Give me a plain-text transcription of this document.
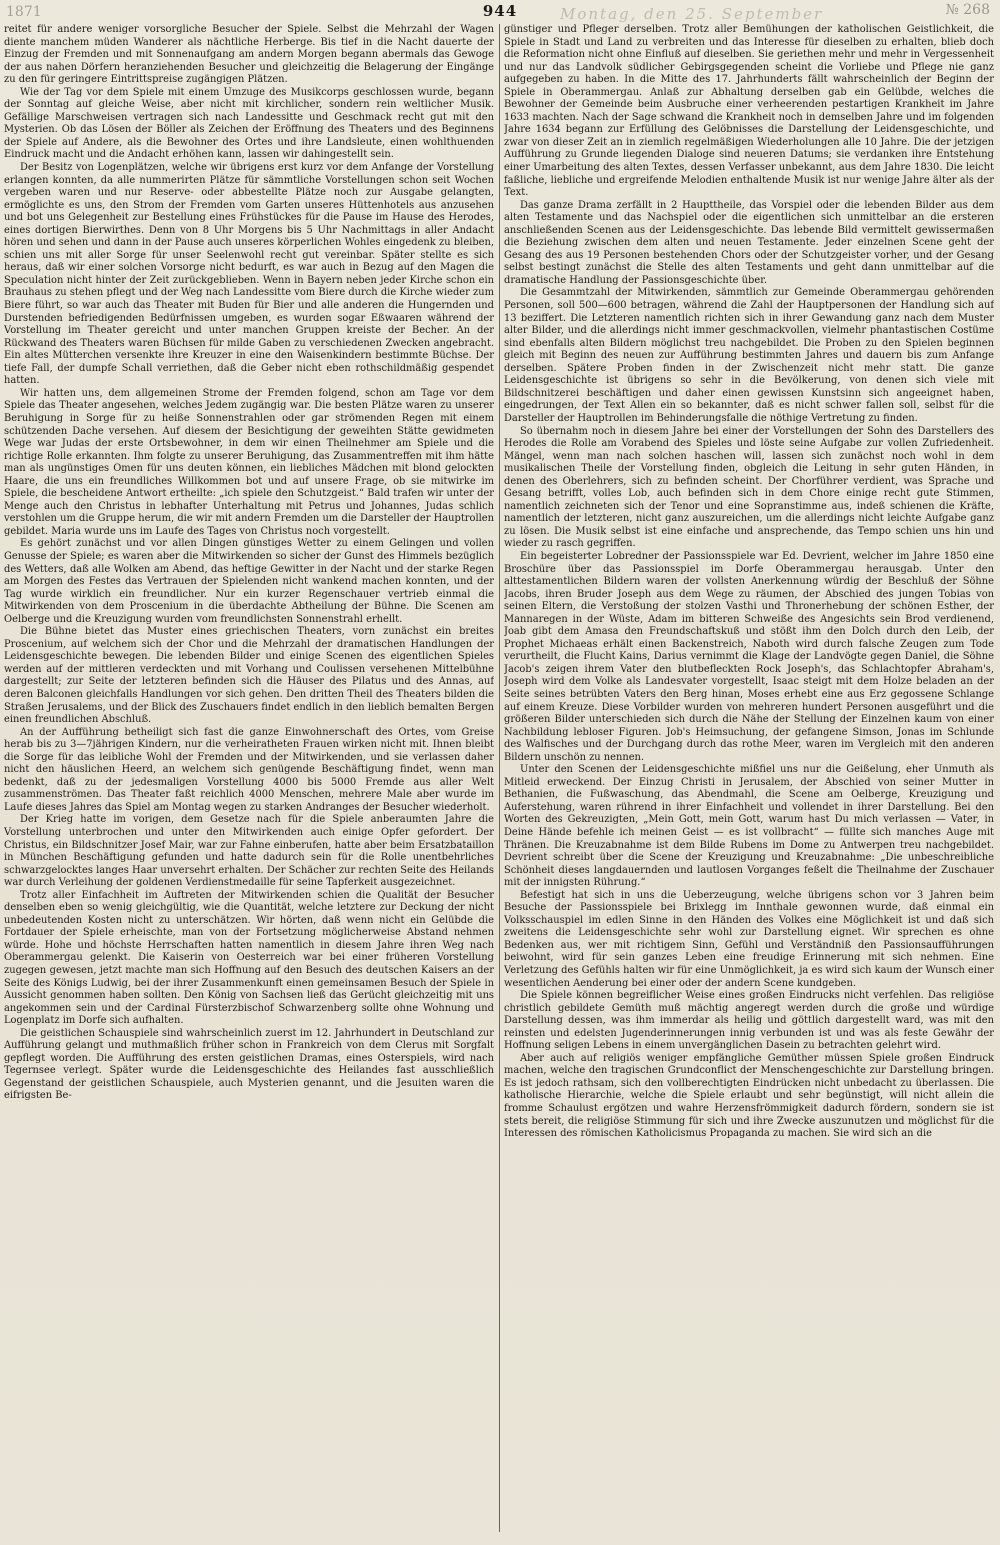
1871	Montag, den 25. September
944	№ 268

reitet für andere weniger vorsorgliche Besucher der Spiele. Selbst die Mehrzahl der Wagen diente manchem müden Wanderer als nächtliche Herberge. Bis tief in die Nacht dauerte der Einzug der Fremden und mit Sonnenaufgang am andern Morgen begann abermals das Gewoge der aus nahen Dörfern heranziehenden Besucher und gleichzeitig die Belagerung der Eingänge zu den für geringere Eintrittspreise zugängigen Plätzen.

Wie der Tag vor dem Spiele mit einem Umzuge des Musikcorps geschlossen wurde, begann der Sonntag auf gleiche Weise, aber nicht mit kirchlicher, sondern rein weltlicher Musik. Gefällige Marschweisen vertragen sich nach Landessitte und Geschmack recht gut mit den Mysterien. Ob das Lösen der Böller als Zeichen der Eröffnung des Theaters und des Beginnens der Spiele auf Andere, als die Bewohner des Ortes und ihre Landsleute, einen wohlthuenden Eindruck macht und die Andacht erhöhen kann, lassen wir dahingestellt sein.

Der Besitz von Logenplätzen, welche wir übrigens erst kurz vor dem Anfange der Vorstellung erlangen konnten, da alle nummerirten Plätze für sämmtliche Vorstellungen schon seit Wochen vergeben waren und nur Reserve- oder abbestellte Plätze noch zur Ausgabe gelangten, ermöglichte es uns, den Strom der Fremden vom Garten unseres Hüttenhotels aus anzusehen und bot uns Gelegenheit zur Bestellung eines Frühstückes für die Pause im Hause des Herodes, eines dortigen Bierwirthes. Denn von 8 Uhr Morgens bis 5 Uhr Nachmittags in aller Andacht hören und sehen und dann in der Pause auch unseres körperlichen Wohles eingedenk zu bleiben, schien uns mit aller Sorge für unser Seelenwohl recht gut vereinbar. Später stellte es sich heraus, daß wir einer solchen Vorsorge nicht bedurft, es war auch in Bezug auf den Magen die Speculation nicht hinter der Zeit zurückgeblieben. Wenn in Bayern neben jeder Kirche schon ein Brauhaus zu stehen pflegt und der Weg nach Landessitte vom Biere durch die Kirche wieder zum Biere führt, so war auch das Theater mit Buden für Bier und alle anderen die Hungernden und Durstenden befriedigenden Bedürfnissen umgeben, es wurden sogar Eßwaaren während der Vorstellung im Theater gereicht und unter manchen Gruppen kreiste der Becher. An der Rückwand des Theaters waren Büchsen für milde Gaben zu verschiedenen Zwecken angebracht. Ein altes Mütterchen versenkte ihre Kreuzer in eine den Waisenkindern bestimmte Büchse. Der tiefe Fall, der dumpfe Schall verriethen, daß die Geber nicht eben rothschildmäßig gespendet hatten.

Wir hatten uns, dem allgemeinen Strome der Fremden folgend, schon am Tage vor dem Spiele das Theater angesehen, welches Jedem zugängig war. Die besten Plätze waren zu unserer Beruhigung in Sorge für zu heiße Sonnenstrahlen oder gar strömenden Regen mit einem schützenden Dache versehen. Auf diesem der Besichtigung der geweihten Stätte gewidmeten Wege war Judas der erste Ortsbewohner, in dem wir einen Theilnehmer am Spiele und die richtige Rolle erkannten. Ihm folgte zu unserer Beruhigung, das Zusammentreffen mit ihm hätte man als ungünstiges Omen für uns deuten können, ein liebliches Mädchen mit blond gelockten Haare, die uns ein freundliches Willkommen bot und auf unsere Frage, ob sie mitwirke im Spiele, die bescheidene Antwort ertheilte: „ich spiele den Schutzgeist.“ Bald trafen wir unter der Menge auch den Christus in lebhafter Unterhaltung mit Petrus und Johannes, Judas schlich verstohlen um die Gruppe herum, die wir mit andern Fremden um die Darsteller der Hauptrollen gebildet. Maria wurde uns im Laufe des Tages von Christus noch vorgestellt.

Es gehört zunächst und vor allen Dingen günstiges Wetter zu einem Gelingen und vollen Genusse der Spiele; es waren aber die Mitwirkenden so sicher der Gunst des Himmels bezüglich des Wetters, daß alle Wolken am Abend, das heftige Gewitter in der Nacht und der starke Regen am Morgen des Festes das Vertrauen der Spielenden nicht wankend machen konnten, und der Tag wurde wirklich ein freundlicher. Nur ein kurzer Regenschauer vertrieb einmal die Mitwirkenden von dem Proscenium in die überdachte Abtheilung der Bühne. Die Scenen am Oelberge und die Kreuzigung wurden vom freundlichsten Sonnenstrahl erhellt.

Die Bühne bietet das Muster eines griechischen Theaters, vorn zunächst ein breites Proscenium, auf welchem sich der Chor und die Mehrzahl der dramatischen Handlungen der Leidensgeschichte bewegen. Die lebenden Bilder und einige Scenen des eigentlichen Spieles werden auf der mittleren verdeckten und mit Vorhang und Coulissen versehenen Mittelbühne dargestellt; zur Seite der letzteren befinden sich die Häuser des Pilatus und des Annas, auf deren Balconen gleichfalls Handlungen vor sich gehen. Den dritten Theil des Theaters bilden die Straßen Jerusalems, und der Blick des Zuschauers findet endlich in den lieblich bemalten Bergen einen freundlichen Abschluß.

An der Aufführung betheiligt sich fast die ganze Einwohnerschaft des Ortes, vom Greise herab bis zu 3—7jährigen Kindern, nur die verheiratheten Frauen wirken nicht mit. Ihnen bleibt die Sorge für das leibliche Wohl der Fremden und der Mitwirkenden, und sie verlassen daher nicht den häuslichen Heerd, an welchem sich genügende Beschäftigung findet, wenn man bedenkt, daß zu der jedesmaligen Vorstellung 4000 bis 5000 Fremde aus aller Welt zusammenströmen. Das Theater faßt reichlich 4000 Menschen, mehrere Male aber wurde im Laufe dieses Jahres das Spiel am Montag wegen zu starken Andranges der Besucher wiederholt.

Der Krieg hatte im vorigen, dem Gesetze nach für die Spiele anberaumten Jahre die Vorstellung unterbrochen und unter den Mitwirkenden auch einige Opfer gefordert. Der Christus, ein Bildschnitzer Josef Mair, war zur Fahne einberufen, hatte aber beim Ersatzbataillon in München Beschäftigung gefunden und hatte dadurch sein für die Rolle unentbehrliches schwarzgelocktes langes Haar unversehrt erhalten. Der Schächer zur rechten Seite des Heilands war durch Verleihung der goldenen Verdienstmedaille für seine Tapferkeit ausgezeichnet.

Trotz aller Einfachheit im Auftreten der Mitwirkenden schien die Qualität der Besucher denselben eben so wenig gleichgültig, wie die Quantität, welche letztere zur Deckung der nicht unbedeutenden Kosten nicht zu unterschätzen. Wir hörten, daß wenn nicht ein Gelübde die Fortdauer der Spiele erheischte, man von der Fortsetzung möglicherweise Abstand nehmen würde. Hohe und höchste Herrschaften hatten namentlich in diesem Jahre ihren Weg nach Oberammergau gelenkt. Die Kaiserin von Oesterreich war bei einer früheren Vorstellung zugegen gewesen, jetzt machte man sich Hoffnung auf den Besuch des deutschen Kaisers an der Seite des Königs Ludwig, bei der ihrer Zusammenkunft einen gemeinsamen Besuch der Spiele in Aussicht genommen haben sollten. Den König von Sachsen ließ das Gerücht gleichzeitig mit uns angekommen sein und der Cardinal Fürsterzbischof Schwarzenberg sollte ohne Wohnung und Logenplatz im Dorfe sich aufhalten.

Die geistlichen Schauspiele sind wahrscheinlich zuerst im 12. Jahrhundert in Deutschland zur Aufführung gelangt und muthmaßlich früher schon in Frankreich von dem Clerus mit Sorgfalt gepflegt worden. Die Aufführung des ersten geistlichen Dramas, eines Osterspiels, wird nach Tegernsee verlegt. Später wurde die Leidensgeschichte des Heilandes fast ausschließlich Gegenstand der geistlichen Schauspiele, auch Mysterien genannt, und die Jesuiten waren die eifrigsten Be-

günstiger und Pfleger derselben. Trotz aller Bemühungen der katholischen Geistlichkeit, die Spiele in Stadt und Land zu verbreiten und das Interesse für dieselben zu erhalten, blieb doch die Reformation nicht ohne Einfluß auf dieselben. Sie geriethen mehr und mehr in Vergessenheit und nur das Landvolk südlicher Gebirgsgegenden scheint die Vorliebe und Pflege nie ganz aufgegeben zu haben. In die Mitte des 17. Jahrhunderts fällt wahrscheinlich der Beginn der Spiele in Oberammergau. Anlaß zur Abhaltung derselben gab ein Gelübde, welches die Bewohner der Gemeinde beim Ausbruche einer verheerenden pestartigen Krankheit im Jahre 1633 machten. Nach der Sage schwand die Krankheit noch in demselben Jahre und im folgenden Jahre 1634 begann zur Erfüllung des Gelöbnisses die Darstellung der Leidensgeschichte, und zwar von dieser Zeit an in ziemlich regelmäßigen Wiederholungen alle 10 Jahre. Die der jetzigen Aufführung zu Grunde liegenden Dialoge sind neueren Datums; sie verdanken ihre Entstehung einer Umarbeitung des alten Textes, dessen Verfasser unbekannt, aus dem Jahre 1830. Die leicht faßliche, liebliche und ergreifende Melodien enthaltende Musik ist nur wenige Jahre älter als der Text.

Das ganze Drama zerfällt in 2 Haupttheile, das Vorspiel oder die lebenden Bilder aus dem alten Testamente und das Nachspiel oder die eigentlichen sich unmittelbar an die ersteren anschließenden Scenen aus der Leidensgeschichte. Das lebende Bild vermittelt gewissermaßen die Beziehung zwischen dem alten und neuen Testamente. Jeder einzelnen Scene geht der Gesang des aus 19 Personen bestehenden Chors oder der Schutzgeister vorher, und der Gesang selbst bestingt zunächst die Stelle des alten Testaments und geht dann unmittelbar auf die dramatische Handlung der Passionsgeschichte über.

Die Gesammtzahl der Mitwirkenden, sämmtlich zur Gemeinde Oberammergau gehörenden Personen, soll 500—600 betragen, während die Zahl der Hauptpersonen der Handlung sich auf 13 beziffert. Die Letzteren namentlich richten sich in ihrer Gewandung ganz nach dem Muster alter Bilder, und die allerdings nicht immer geschmackvollen, vielmehr phantastischen Costüme sind ebenfalls alten Bildern möglichst treu nachgebildet. Die Proben zu den Spielen beginnen gleich mit Beginn des neuen zur Aufführung bestimmten Jahres und dauern bis zum Anfange derselben. Spätere Proben finden in der Zwischenzeit nicht mehr statt. Die ganze Leidensgeschichte ist übrigens so sehr in die Bevölkerung, von denen sich viele mit Bildschnitzerei beschäftigen und daher einen gewissen Kunstsinn sich angeeignet haben, eingedrungen, der Text Allen ein so bekannter, daß es nicht schwer fallen soll, selbst für die Darsteller der Hauptrollen im Behinderungsfalle die nöthige Vertretung zu finden.

So übernahm noch in diesem Jahre bei einer der Vorstellungen der Sohn des Darstellers des Herodes die Rolle am Vorabend des Spieles und löste seine Aufgabe zur vollen Zufriedenheit. Mängel, wenn man nach solchen haschen will, lassen sich zunächst noch wohl in dem musikalischen Theile der Vorstellung finden, obgleich die Leitung in sehr guten Händen, in denen des Oberlehrers, sich zu befinden scheint. Der Chorführer verdient, was Sprache und Gesang betrifft, volles Lob, auch befinden sich in dem Chore einige recht gute Stimmen, namentlich zeichneten sich der Tenor und eine Sopranstimme aus, indeß schienen die Kräfte, namentlich der letzteren, nicht ganz auszureichen, um die allerdings nicht leichte Aufgabe ganz zu lösen. Die Musik selbst ist eine einfache und ansprechende, das Tempo schien uns hin und wieder zu rasch gegriffen.

Ein begeisterter Lobredner der Passionsspiele war Ed. Devrient, welcher im Jahre 1850 eine Broschüre über das Passionsspiel im Dorfe Oberammergau herausgab. Unter den alttestamentlichen Bildern waren der vollsten Anerkennung würdig der Beschluß der Söhne Jacobs, ihren Bruder Joseph aus dem Wege zu räumen, der Abschied des jungen Tobias von seinen Eltern, die Verstoßung der stolzen Vasthi und Thronerhebung der schönen Esther, der Mannaregen in der Wüste, Adam im bitteren Schweiße des Angesichts sein Brod verdienend, Joab gibt dem Amasa den Freundschaftskuß und stößt ihm den Dolch durch den Leib, der Prophet Michaeas erhält einen Backenstreich, Naboth wird durch falsche Zeugen zum Tode verurtheilt, die Flucht Kains, Darius vernimmt die Klage der Landvögte gegen Daniel, die Söhne Jacob's zeigen ihrem Vater den blutbefleckten Rock Joseph's, das Schlachtopfer Abraham's, Joseph wird dem Volke als Landesvater vorgestellt, Isaac steigt mit dem Holze beladen an der Seite seines betrübten Vaters den Berg hinan, Moses erhebt eine aus Erz gegossene Schlange auf einem Kreuze. Diese Vorbilder wurden von mehreren hundert Personen ausgeführt und die größeren Bilder unterschieden sich durch die Nähe der Stellung der Einzelnen kaum von einer Nachbildung lebloser Figuren. Job's Heimsuchung, der gefangene Simson, Jonas im Schlunde des Walfisches und der Durchgang durch das rothe Meer, waren im Vergleich mit den anderen Bildern unschön zu nennen.

Unter den Scenen der Leidensgeschichte mißfiel uns nur die Geißelung, eher Unmuth als Mitleid erweckend. Der Einzug Christi in Jerusalem, der Abschied von seiner Mutter in Bethanien, die Fußwaschung, das Abendmahl, die Scene am Oelberge, Kreuzigung und Auferstehung, waren rührend in ihrer Einfachheit und vollendet in ihrer Darstellung. Bei den Worten des Gekreuzigten, „Mein Gott, mein Gott, warum hast Du mich verlassen — Vater, in Deine Hände befehle ich meinen Geist — es ist vollbracht“ — füllte sich manches Auge mit Thränen. Die Kreuzabnahme ist dem Bilde Rubens im Dome zu Antwerpen treu nachgebildet. Devrient schreibt über die Scene der Kreuzigung und Kreuzabnahme: „Die unbeschreibliche Schönheit dieses langdauernden und lautlosen Vorganges feßelt die Theilnahme der Zuschauer mit der innigsten Rührung.“

Befestigt hat sich in uns die Ueberzeugung, welche übrigens schon vor 3 Jahren beim Besuche der Passionsspiele bei Brixlegg im Innthale gewonnen wurde, daß einmal ein Volksschauspiel im edlen Sinne in den Händen des Volkes eine Möglichkeit ist und daß sich zweitens die Leidensgeschichte sehr wohl zur Darstellung eignet. Wir sprechen es ohne Bedenken aus, wer mit richtigem Sinn, Gefühl und Verständniß den Passionsaufführungen beiwohnt, wird für sein ganzes Leben eine freudige Erinnerung mit sich nehmen. Eine Verletzung des Gefühls halten wir für eine Unmöglichkeit, ja es wird sich kaum der Wunsch einer wesentlichen Aenderung bei einer oder der andern Scene kundgeben.

Die Spiele können begreiflicher Weise eines großen Eindrucks nicht verfehlen. Das religiöse christlich gebildete Gemüth muß mächtig angeregt werden durch die große und würdige Darstellung dessen, was ihm immerdar als heilig und göttlich dargestellt ward, was mit den reinsten und edelsten Jugenderinnerungen innig verbunden ist und was als feste Gewähr der Hoffnung seligen Lebens in einem unvergänglichen Dasein zu betrachten gelehrt wird.

Aber auch auf religiös weniger empfängliche Gemüther müssen Spiele großen Eindruck machen, welche den tragischen Grundconflict der Menschengeschichte zur Darstellung bringen. Es ist jedoch rathsam, sich den vollberechtigten Eindrücken nicht unbedacht zu überlassen. Die katholische Hierarchie, welche die Spiele erlaubt und sehr begünstigt, will nicht allein die fromme Schaulust ergötzen und wahre Herzensfrömmigkeit dadurch fördern, sondern sie ist stets bereit, die religiöse Stimmung für sich und ihre Zwecke auszunutzen und möglichst für die Interessen des römischen Katholicismus Propaganda zu machen. Sie wird sich an die
